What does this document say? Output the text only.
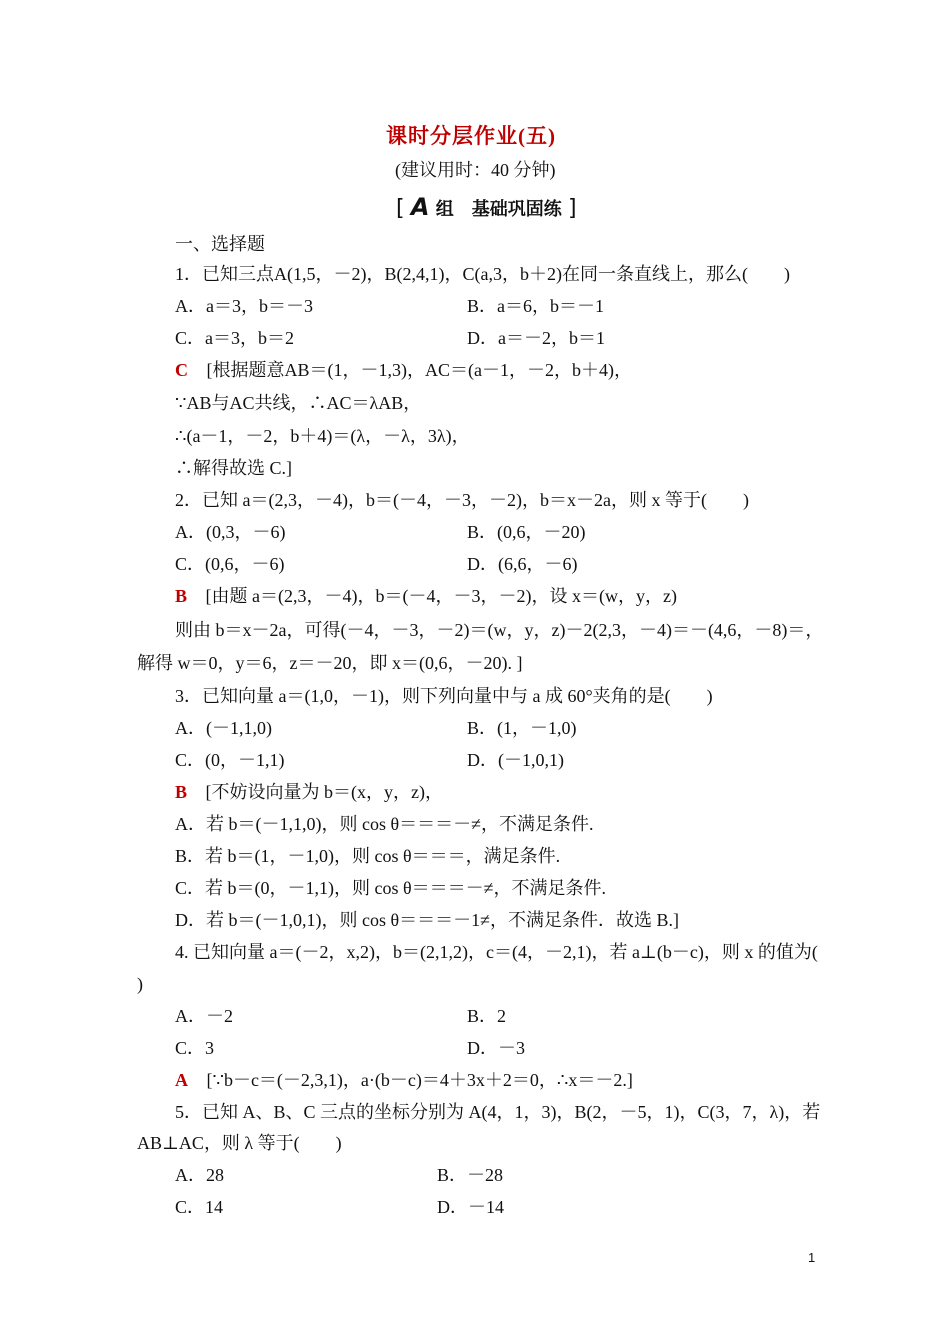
课时分层作业(五)
(建议用时：40 分钟)
[ A 组　基础巩固练 ]
一、选择题
1．已知三点A(1,5，－2)，B(2,4,1)，C(a,3，b＋2)在同一条直线上，那么(　　)
A．a＝3，b＝－3	B．a＝6，b＝－1
C．a＝3，b＝2	D．a＝－2，b＝1
C [根据题意AB＝(1，－1,3)，AC＝(a－1，－2，b＋4)，
∵AB与AC共线，∴AC＝λAB，
∴(a－1，－2，b＋4)＝(λ，－λ，3λ)，
∴解得故选 C.]
2．已知 a＝(2,3，－4)，b＝(－4，－3，－2)，b＝x－2a，则 x 等于(　　)
A．(0,3，－6)	B．(0,6，－20)
C．(0,6，－6)	D．(6,6，－6)
B [由题 a＝(2,3，－4)，b＝(－4，－3，－2)，设 x＝(w，y，z)
则由 b＝x－2a，可得(－4，－3，－2)＝(w，y，z)－2(2,3，－4)＝－(4,6，－8)＝，
解得 w＝0，y＝6，z＝－20，即 x＝(0,6，－20). ]
3．已知向量 a＝(1,0，－1)，则下列向量中与 a 成 60°夹角的是(　　)
A．(－1,1,0)	B．(1，－1,0)
C．(0，－1,1)	D．(－1,0,1)
B [不妨设向量为 b＝(x，y，z)，
A．若 b＝(－1,1,0)，则 cos θ＝＝＝－≠，不满足条件.
B．若 b＝(1，－1,0)，则 cos θ＝＝＝，满足条件.
C．若 b＝(0，－1,1)，则 cos θ＝＝＝－≠，不满足条件.
D．若 b＝(－1,0,1)，则 cos θ＝＝＝－1≠，不满足条件．故选 B.]
4. 已知向量 a＝(－2，x,2)，b＝(2,1,2)，c＝(4，－2,1)，若 a⊥(b－c)，则 x 的值为(
)
A．－2	B．2
C．3	D．－3
A [∵b－c＝(－2,3,1)，a·(b－c)＝4＋3x＋2＝0，∴x＝－2.]
5．已知 A、B、C 三点的坐标分别为 A(4，1，3)，B(2，－5，1)，C(3，7，λ)，若
AB⊥AC，则 λ 等于(　　)
A．28	B．－28
C．14	D．－14
1
